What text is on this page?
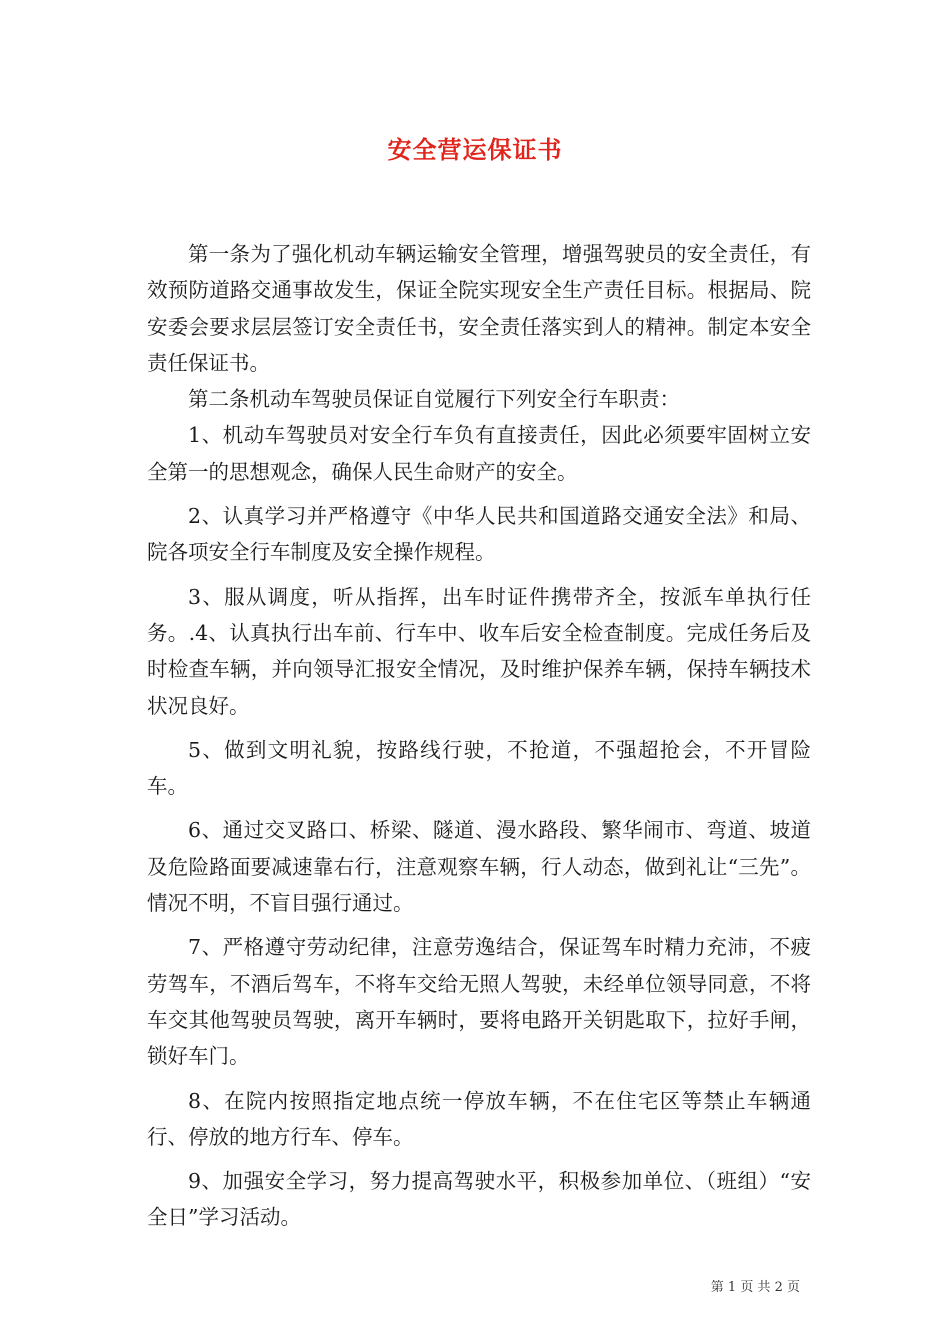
安全营运保证书

第一条为了强化机动车辆运输安全管理，增强驾驶员的安全责任，有效预防道路交通事故发生，保证全院实现安全生产责任目标。根据局、院安委会要求层层签订安全责任书，安全责任落实到人的精神。制定本安全责任保证书。

第二条机动车驾驶员保证自觉履行下列安全行车职责：

1、机动车驾驶员对安全行车负有直接责任，因此必须要牢固树立安全第一的思想观念，确保人民生命财产的安全。

2、认真学习并严格遵守《中华人民共和国道路交通安全法》和局、院各项安全行车制度及安全操作规程。

3、服从调度，听从指挥，出车时证件携带齐全，按派车单执行任务。.4、认真执行出车前、行车中、收车后安全检查制度。完成任务后及时检查车辆，并向领导汇报安全情况，及时维护保养车辆，保持车辆技术状况良好。

5、做到文明礼貌，按路线行驶，不抢道，不强超抢会，不开冒险车。

6、通过交叉路口、桥梁、隧道、漫水路段、繁华闹市、弯道、坡道及危险路面要减速靠右行，注意观察车辆，行人动态，做到礼让“三先”。情况不明，不盲目强行通过。

7、严格遵守劳动纪律，注意劳逸结合，保证驾车时精力充沛，不疲劳驾车，不酒后驾车，不将车交给无照人驾驶，未经单位领导同意，不将车交其他驾驶员驾驶，离开车辆时，要将电路开关钥匙取下，拉好手闸，锁好车门。

8、在院内按照指定地点统一停放车辆，不在住宅区等禁止车辆通行、停放的地方行车、停车。

9、加强安全学习，努力提高驾驶水平，积极参加单位、（班组）“安全日”学习活动。

第 1 页 共 2 页
